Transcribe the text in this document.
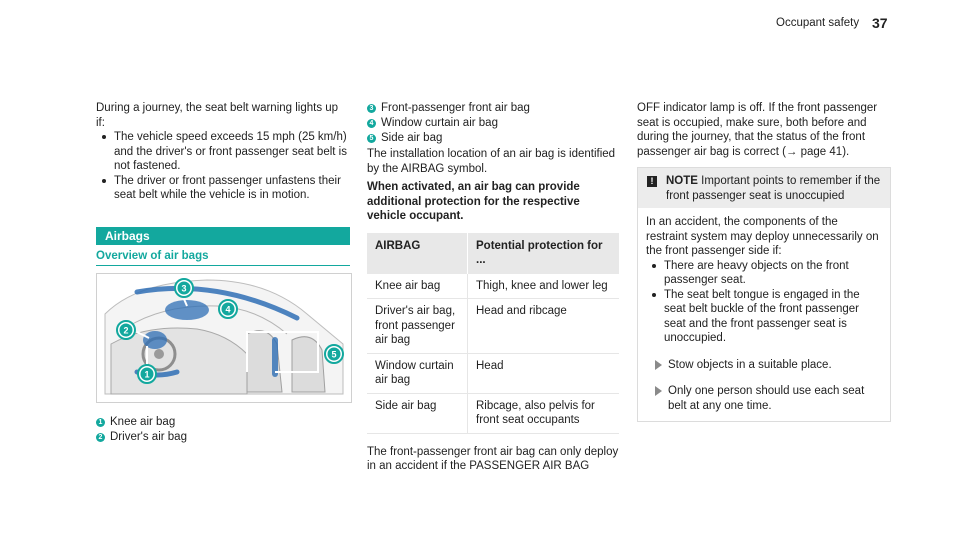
Occupant safety 37

During a journey, the seat belt warning lights up if:

The vehicle speed exceeds 15 mph (25 km/h) and the driver's or front passenger seat belt is not fastened.
The driver or front passenger unfastens their seat belt while the vehicle is in motion.
Airbags
Overview of air bags
3
4
2
5
1
1 Knee air bag
2 Driver's air bag
3 Front-passenger front air bag
4 Window curtain air bag
5 Side air bag

The installation location of an air bag is identified by the AIRBAG symbol.

When activated, an air bag can provide additional protection for the respective vehicle occupant.

AIRBAG	Potential protection for ...
Knee air bag	Thigh, knee and lower leg
Driver's air bag, front passenger air bag	Head and ribcage
Window curtain air bag	Head
Side air bag	Ribcage, also pelvis for front seat occupants

The front-passenger front air bag can only deploy in an accident if the PASSENGER AIR BAG

OFF indicator lamp is off. If the front passenger seat is occupied, make sure, both before and during the journey, that the status of the front passenger air bag is correct (→ page 41).

!	NOTE Important points to remember if the front passenger seat is unoccupied

In an accident, the components of the restraint system may deploy unnecessarily on the front passenger side if:

There are heavy objects on the front passenger seat.
The seat belt tongue is engaged in the seat belt buckle of the front passenger seat and the front passenger seat is unoccupied.
Stow objects in a suitable place.
Only one person should use each seat belt at any one time.
